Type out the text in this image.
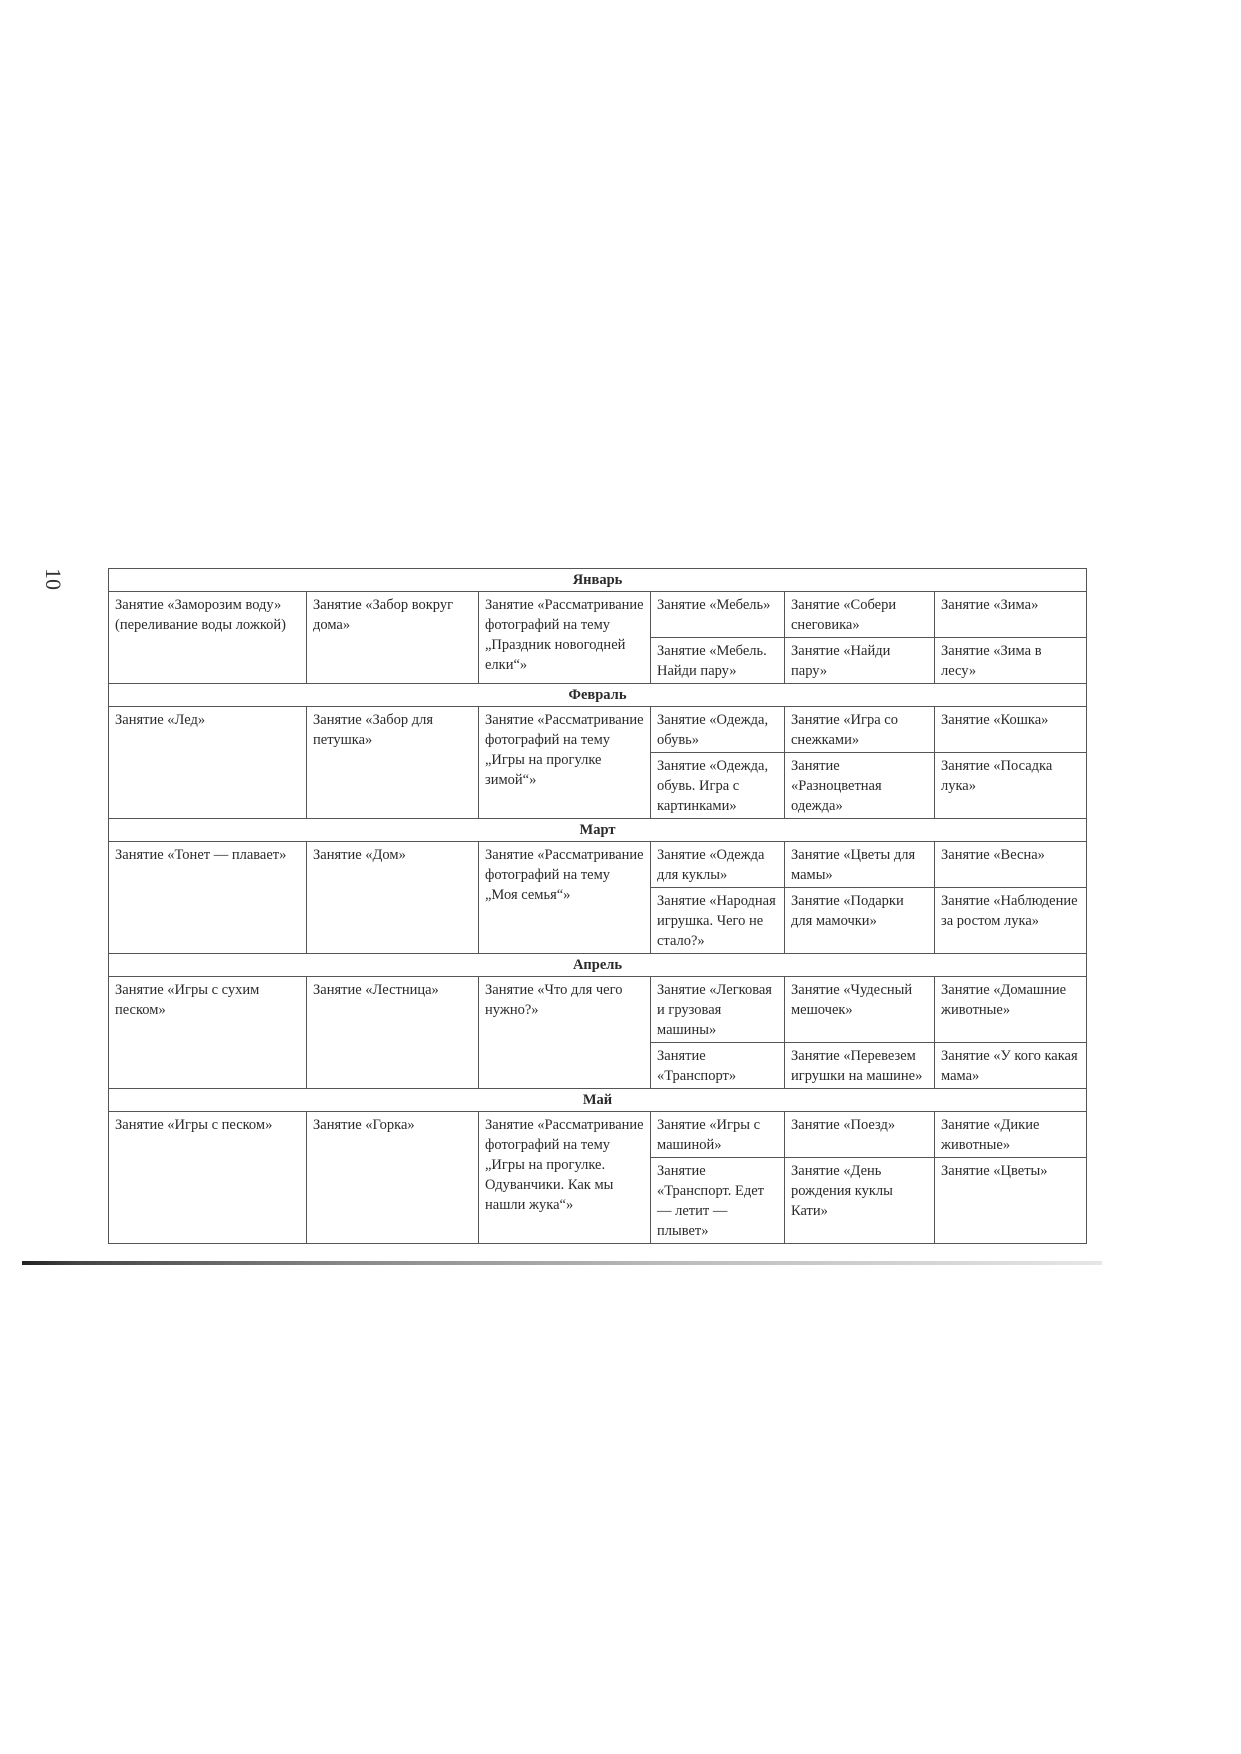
10	Январь					
Занятие «Заморозим воду» (переливание воды ложкой)	Занятие «Забор вокруг дома»	Занятие «Рассматривание фотографий на тему „Праздник новогодней елки“»	Занятие «Мебель»	Занятие «Собери снеговика»	Занятие «Зима»
			Занятие «Мебель. Найди пару»	Занятие «Найди пару»	Занятие «Зима в лесу»
Февраль					
Занятие «Лед»	Занятие «Забор для петушка»	Занятие «Рассматривание фотографий на тему „Игры на прогулке зимой“»	Занятие «Одежда, обувь»	Занятие «Игра со снежками»	Занятие «Кошка»
			Занятие «Одежда, обувь. Игра с картинками»	Занятие «Разноцветная одежда»	Занятие «Посадка лука»
Март					
Занятие «Тонет — плавает»	Занятие «Дом»	Занятие «Рассматривание фотографий на тему „Моя семья“»	Занятие «Одежда для куклы»	Занятие «Цветы для мамы»	Занятие «Весна»
			Занятие «Народная игрушка. Чего не стало?»	Занятие «Подарки для мамочки»	Занятие «Наблюдение за ростом лука»
Апрель					
Занятие «Игры с сухим песком»	Занятие «Лестница»	Занятие «Что для чего нужно?»	Занятие «Легковая и грузовая машины»	Занятие «Чудесный мешочек»	Занятие «Домашние животные»
			Занятие «Транспорт»	Занятие «Перевезем игрушки на машине»	Занятие «У кого какая мама»
Май					
Занятие «Игры с песком»	Занятие «Горка»	Занятие «Рассматривание фотографий на тему „Игры на прогулке. Одуванчики. Как мы нашли жука“»	Занятие «Игры с машиной»	Занятие «Поезд»	Занятие «Дикие животные»
			Занятие «Транспорт. Едет — летит — плывет»	Занятие «День рождения куклы Кати»	Занятие «Цветы»
